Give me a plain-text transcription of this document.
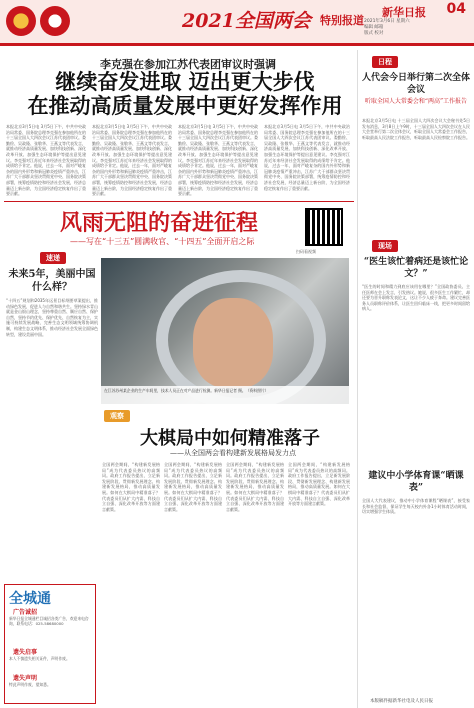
2021全国两会 特别报道
新华日报 04
2021年3月6日 星期六
编辑 邮箱
版式 校对
李克强在参加江苏代表团审议时强调
继续奋发进取 迈出更大步伐
在推动高质量发展中更好发挥作用
本报北京3月5日电 3月5日下午，中共中央政治局常委、国务院总理李克强在参加他所在的十三届全国人大四次会议江苏代表团审议。娄勤俭、吴政隆、张敬华、王燕文等代表发言，就推动经济高质量发展、加快科技创新、深化改革开放、加强生态环境保护等提出意见建议。李克强对江苏近年来经济社会发展取得的成绩给予肯定。他说，过去一年，面对严峻复杂的国内外形势和新冠肺炎疫情严重冲击，江苏广大干部群众坚决贯彻党中央、国务院决策部署，统筹疫情防控和经济社会发展，经济总量迈上新台阶，为全国经济稳定恢复作出了重要贡献。
本报北京3月5日电 3月5日下午，中共中央政治局常委、国务院总理李克强在参加他所在的十三届全国人大四次会议江苏代表团审议。娄勤俭、吴政隆、张敬华、王燕文等代表发言，就推动经济高质量发展、加快科技创新、深化改革开放、加强生态环境保护等提出意见建议。李克强对江苏近年来经济社会发展取得的成绩给予肯定。他说，过去一年，面对严峻复杂的国内外形势和新冠肺炎疫情严重冲击，江苏广大干部群众坚决贯彻党中央、国务院决策部署，统筹疫情防控和经济社会发展，经济总量迈上新台阶，为全国经济稳定恢复作出了重要贡献。
本报北京3月5日电 3月5日下午，中共中央政治局常委、国务院总理李克强在参加他所在的十三届全国人大四次会议江苏代表团审议。娄勤俭、吴政隆、张敬华、王燕文等代表发言，就推动经济高质量发展、加快科技创新、深化改革开放、加强生态环境保护等提出意见建议。李克强对江苏近年来经济社会发展取得的成绩给予肯定。他说，过去一年，面对严峻复杂的国内外形势和新冠肺炎疫情严重冲击，江苏广大干部群众坚决贯彻党中央、国务院决策部署，统筹疫情防控和经济社会发展，经济总量迈上新台阶，为全国经济稳定恢复作出了重要贡献。
本报北京3月5日电 3月5日下午，中共中央政治局常委、国务院总理李克强在参加他所在的十三届全国人大四次会议江苏代表团审议。娄勤俭、吴政隆、张敬华、王燕文等代表发言，就推动经济高质量发展、加快科技创新、深化改革开放、加强生态环境保护等提出意见建议。李克强对江苏近年来经济社会发展取得的成绩给予肯定。他说，过去一年，面对严峻复杂的国内外形势和新冠肺炎疫情严重冲击，江苏广大干部群众坚决贯彻党中央、国务院决策部署，统筹疫情防控和经济社会发展，经济总量迈上新台阶，为全国经济稳定恢复作出了重要贡献。
风雨无阻的奋进征程
——写在“十三五”圆满收官、“十四五”全面开启之际
扫码看视频
速递
未来5年，美丽中国什么样？
“十四五”规划和2035年远景目标纲要草案提出，推动绿色发展，促进人与自然和谐共生。坚持绿水青山就是金山银山理念，坚持尊重自然、顺应自然、保护自然，坚持节约优先、保护优先、自然恢复为主，实施可持续发展战略，完善生态文明领域统筹协调机制，构建生态文明体系，推动经济社会发展全面绿色转型，建设美丽中国。
在江苏苏州某企业的生产车间里，技术人员正在对产品进行检测。新华日报记者 摄。（资料照片）
观察
大棋局中如何精准落子
——从全国两会看构建新发展格局发力点
全国两会期间，“构建新发展格局”成为代表委员热议的高频词。政府工作报告提出，立足新发展阶段、贯彻新发展理念、构建新发展格局，推动高质量发展。如何在大棋局中精准落子？代表委员们从扩大内需、科技自立自强、深化改革开放等方面建言献策。
全国两会期间，“构建新发展格局”成为代表委员热议的高频词。政府工作报告提出，立足新发展阶段、贯彻新发展理念、构建新发展格局，推动高质量发展。如何在大棋局中精准落子？代表委员们从扩大内需、科技自立自强、深化改革开放等方面建言献策。
全国两会期间，“构建新发展格局”成为代表委员热议的高频词。政府工作报告提出，立足新发展阶段、贯彻新发展理念、构建新发展格局，推动高质量发展。如何在大棋局中精准落子？代表委员们从扩大内需、科技自立自强、深化改革开放等方面建言献策。
全国两会期间，“构建新发展格局”成为代表委员热议的高频词。政府工作报告提出，立足新发展阶段、贯彻新发展理念、构建新发展格局，推动高质量发展。如何在大棋局中精准落子？代表委员们从扩大内需、科技自立自强、深化改革开放等方面建言献策。
全城通
广告诚招
新华日报全城通栏目诚招各类广告，欢迎来电咨询，联系电话：025-58680000
遗失启事
本人不慎遗失相关证件，声明作废。
遗失声明
特此声明作废，望知悉。
日程
人代会今日举行第二次全体会议
听取全国人大常委会和“两高”工作报告
本报北京3月5日电 十三届全国人大四次会议大会秘书处5日发布消息，3月8日上午9时，十三届全国人大四次会议在人民大会堂举行第二次全体会议，听取全国人大常委会工作报告，听取最高人民法院工作报告，听取最高人民检察院工作报告。
现场
“医生该忙着病还是该忙论文？”
“医生的时间和精力到底应该用在哪里？”全国政协委员、主任医师在会上发言，引发热议。她说，很多医生工作繁忙，却还要为晋升职称发表论文，这让不少人疲于奔命。建议完善医务人员职称评价体系，让医生回归临床一线，把更多时间留给病人。
建议中小学体育课“晒课表”
全国人大代表建议，推动中小学体育课程“晒课表”，接受家长和社会监督，保证学生每天校内外各1小时体育活动时间，切实增强学生体质。
本版稿件据新华社电及人民日报
